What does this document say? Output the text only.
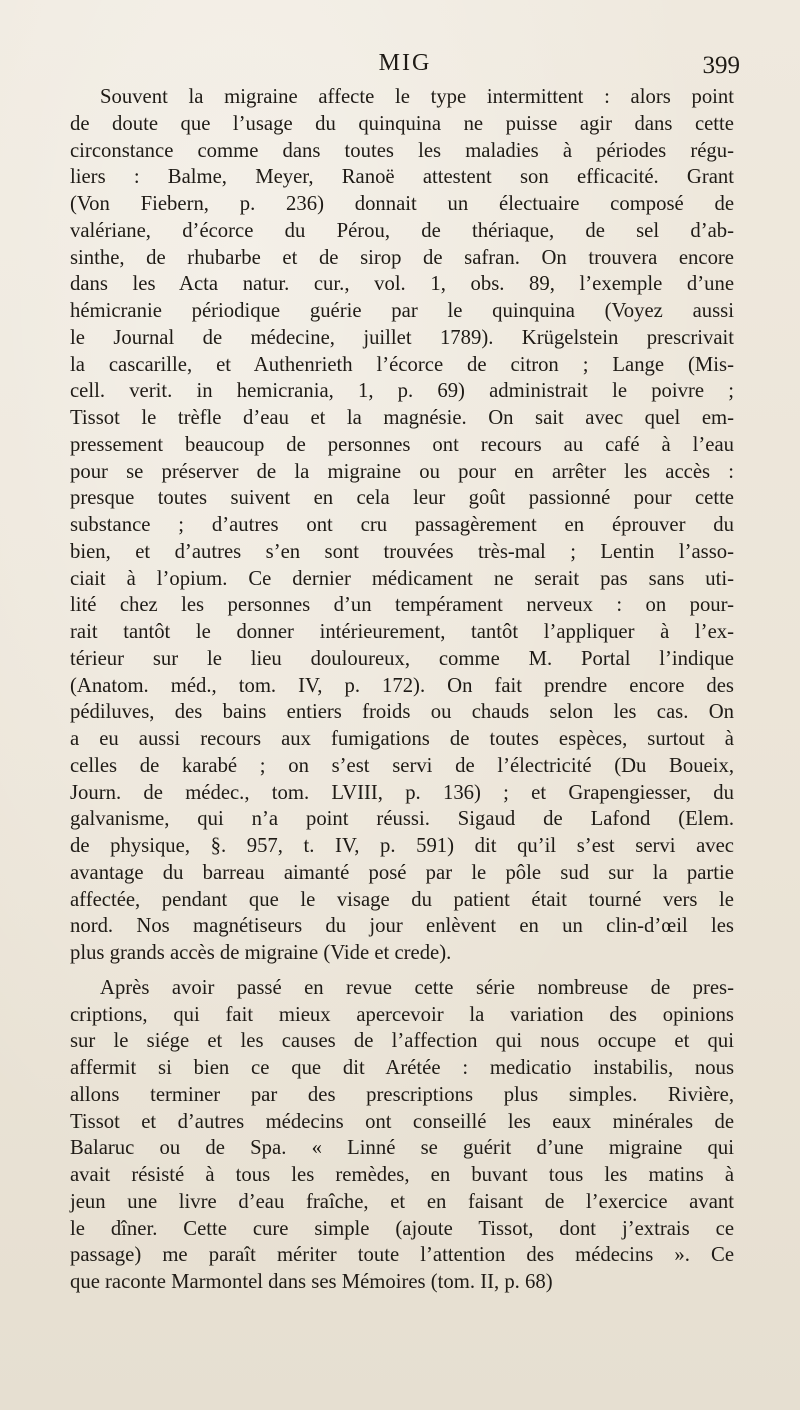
MIG	399
Souvent la migraine affecte le type intermittent : alors point
de doute que l’usage du quinquina ne puisse agir dans cette
circonstance comme dans toutes les maladies à périodes régu-
liers : Balme, Meyer, Ranoë attestent son efficacité. Grant
(Von Fiebern, p. 236) donnait un électuaire composé de
valériane, d’écorce du Pérou, de thériaque, de sel d’ab-
sinthe, de rhubarbe et de sirop de safran. On trouvera encore
dans les Acta natur. cur., vol. 1, obs. 89, l’exemple d’une
hémicranie périodique guérie par le quinquina (Voyez aussi
le Journal de médecine, juillet 1789). Krügelstein prescrivait
la cascarille, et Authenrieth l’écorce de citron ; Lange (Mis-
cell. verit. in hemicrania, 1, p. 69) administrait le poivre ;
Tissot le trèfle d’eau et la magnésie. On sait avec quel em-
pressement beaucoup de personnes ont recours au café à l’eau
pour se préserver de la migraine ou pour en arrêter les accès :
presque toutes suivent en cela leur goût passionné pour cette
substance ; d’autres ont cru passagèrement en éprouver du
bien, et d’autres s’en sont trouvées très-mal ; Lentin l’asso-
ciait à l’opium. Ce dernier médicament ne serait pas sans uti-
lité chez les personnes d’un tempérament nerveux : on pour-
rait tantôt le donner intérieurement, tantôt l’appliquer à l’ex-
térieur sur le lieu douloureux, comme M. Portal l’indique
(Anatom. méd., tom. IV, p. 172). On fait prendre encore des
pédiluves, des bains entiers froids ou chauds selon les cas. On
a eu aussi recours aux fumigations de toutes espèces, surtout à
celles de karabé ; on s’est servi de l’électricité (Du Boueix,
Journ. de médec., tom. LVIII, p. 136) ; et Grapengiesser, du
galvanisme, qui n’a point réussi. Sigaud de Lafond (Elem.
de physique, §. 957, t. IV, p. 591) dit qu’il s’est servi avec
avantage du barreau aimanté posé par le pôle sud sur la partie
affectée, pendant que le visage du patient était tourné vers le
nord. Nos magnétiseurs du jour enlèvent en un clin-d’œil les
plus grands accès de migraine (Vide et crede).
Après avoir passé en revue cette série nombreuse de pres-
criptions, qui fait mieux apercevoir la variation des opinions
sur le siége et les causes de l’affection qui nous occupe et qui
affermit si bien ce que dit Arétée : medicatio instabilis, nous
allons terminer par des prescriptions plus simples. Rivière,
Tissot et d’autres médecins ont conseillé les eaux minérales de
Balaruc ou de Spa. « Linné se guérit d’une migraine qui
avait résisté à tous les remèdes, en buvant tous les matins à
jeun une livre d’eau fraîche, et en faisant de l’exercice avant
le dîner. Cette cure simple (ajoute Tissot, dont j’extrais ce
passage) me paraît mériter toute l’attention des médecins ». Ce
que raconte Marmontel dans ses Mémoires (tom. II, p. 68)
